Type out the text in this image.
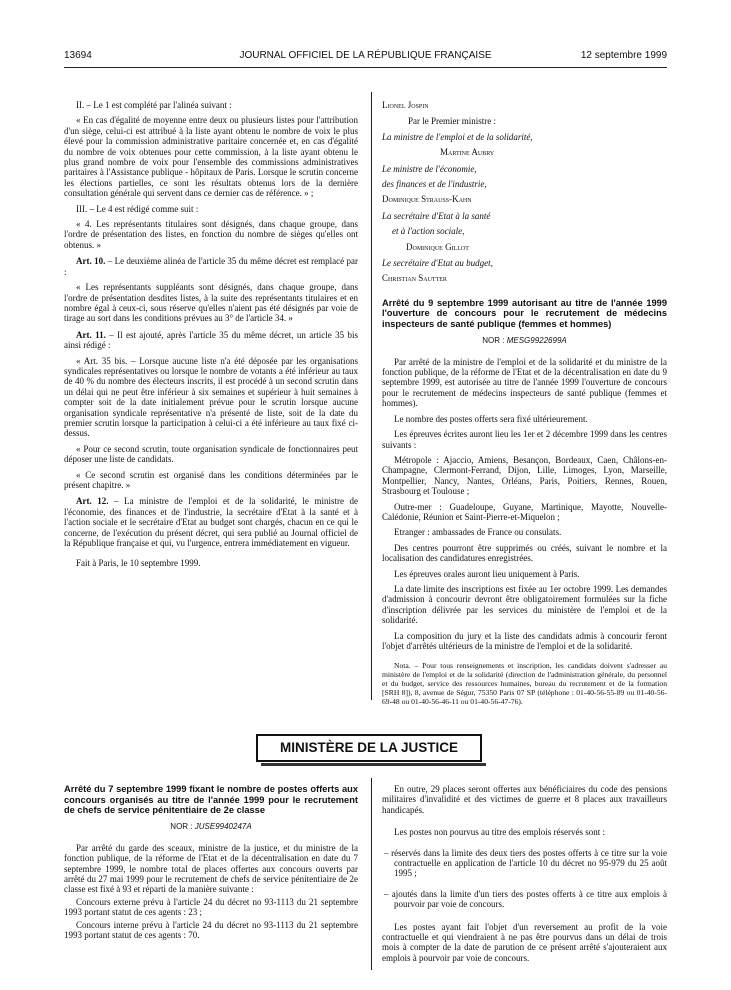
13694	JOURNAL OFFICIEL DE LA RÉPUBLIQUE FRANÇAISE	12 septembre 1999

II. – Le 1 est complété par l'alinéa suivant :

« En cas d'égalité de moyenne entre deux ou plusieurs listes pour l'attribution d'un siège, celui-ci est attribué à la liste ayant obtenu le nombre de voix le plus élevé pour la commission administrative paritaire concernée et, en cas d'égalité du nombre de voix obtenues pour cette commission, à la liste ayant obtenu le plus grand nombre de voix pour l'ensemble des commissions administratives paritaires à l'Assistance publique - hôpitaux de Paris. Lorsque le scrutin concerne les élections partielles, ce sont les résultats obtenus lors de la dernière consultation générale qui servent dans ce dernier cas de référence. » ;

III. – Le 4 est rédigé comme suit :

« 4. Les représentants titulaires sont désignés, dans chaque groupe, dans l'ordre de présentation des listes, en fonction du nombre de sièges qu'elles ont obtenus. »

Art. 10. – Le deuxième alinéa de l'article 35 du même décret est remplacé par :

« Les représentants suppléants sont désignés, dans chaque groupe, dans l'ordre de présentation desdites listes, à la suite des représentants titulaires et en nombre égal à ceux-ci, sous réserve qu'elles n'aient pas été désignés par voie de tirage au sort dans les conditions prévues au 3° de l'article 34. »

Art. 11. – Il est ajouté, après l'article 35 du même décret, un article 35 bis ainsi rédigé :

« Art. 35 bis. – Lorsque aucune liste n'a été déposée par les organisations syndicales représentatives ou lorsque le nombre de votants a été inférieur au taux de 40 % du nombre des électeurs inscrits, il est procédé à un second scrutin dans un délai qui ne peut être inférieur à six semaines et supérieur à huit semaines à compter soit de la date initialement prévue pour le scrutin lorsque aucune organisation syndicale représentative n'a présenté de liste, soit de la date du premier scrutin lorsque la participation à celui-ci a été inférieure au taux fixé ci-dessus.

« Pour ce second scrutin, toute organisation syndicale de fonctionnaires peut déposer une liste de candidats.

« Ce second scrutin est organisé dans les conditions déterminées par le présent chapitre. »

Art. 12. – La ministre de l'emploi et de la solidarité, le ministre de l'économie, des finances et de l'industrie, la secrétaire d'Etat à la santé et à l'action sociale et le secrétaire d'Etat au budget sont chargés, chacun en ce qui le concerne, de l'exécution du présent décret, qui sera publié au Journal officiel de la République française et qui, vu l'urgence, entrera immédiatement en vigueur.

Fait à Paris, le 10 septembre 1999.

Lionel Jospin

Par le Premier ministre :

La ministre de l'emploi et de la solidarité,

Martine Aubry

Le ministre de l'économie,

des finances et de l'industrie,

Dominique Strauss-Kahn

La secrétaire d'Etat à la santé

et à l'action sociale,

Dominique Gillot

Le secrétaire d'Etat au budget,

Christian Sautter

Arrêté du 9 septembre 1999 autorisant au titre de l'année 1999 l'ouverture de concours pour le recrutement de médecins inspecteurs de santé publique (femmes et hommes)
NOR : MESG9922699A

Par arrêté de la ministre de l'emploi et de la solidarité et du ministre de la fonction publique, de la réforme de l'Etat et de la décentralisation en date du 9 septembre 1999, est autorisée au titre de l'année 1999 l'ouverture de concours pour le recrutement de médecins inspecteurs de santé publique (femmes et hommes).

Le nombre des postes offerts sera fixé ultérieurement.

Les épreuves écrites auront lieu les 1er et 2 décembre 1999 dans les centres suivants :

Métropole : Ajaccio, Amiens, Besançon, Bordeaux, Caen, Châlons-en-Champagne, Clermont-Ferrand, Dijon, Lille, Limoges, Lyon, Marseille, Montpellier, Nancy, Nantes, Orléans, Paris, Poitiers, Rennes, Rouen, Strasbourg et Toulouse ;

Outre-mer : Guadeloupe, Guyane, Martinique, Mayotte, Nouvelle-Calédonie, Réunion et Saint-Pierre-et-Miquelon ;

Etranger : ambassades de France ou consulats.

Des centres pourront être supprimés ou créés, suivant le nombre et la localisation des candidatures enregistrées.

Les épreuves orales auront lieu uniquement à Paris.

La date limite des inscriptions est fixée au 1er octobre 1999. Les demandes d'admission à concourir devront être obligatoirement formulées sur la fiche d'inscription délivrée par les services du ministère de l'emploi et de la solidarité.

La composition du jury et la liste des candidats admis à concourir feront l'objet d'arrêtés ultérieurs de la ministre de l'emploi et de la solidarité.

Nota. – Pour tous renseignements et inscription, les candidats doivent s'adresser au ministère de l'emploi et de la solidarité (direction de l'administration générale, du personnel et du budget, service des ressources humaines, bureau du recrutement et de la formation [SRH 8]), 8, avenue de Ségur, 75350 Paris 07 SP (téléphone : 01-40-56-55-89 ou 01-40-56-69-48 ou 01-40-56-46-11 ou 01-40-56-47-76).

MINISTÈRE DE LA JUSTICE
Arrêté du 7 septembre 1999 fixant le nombre de postes offerts aux concours organisés au titre de l'année 1999 pour le recrutement de chefs de service pénitentiaire de 2e classe
NOR : JUSE9940247A

Par arrêté du garde des sceaux, ministre de la justice, et du ministre de la fonction publique, de la réforme de l'Etat et de la décentralisation en date du 7 septembre 1999, le nombre total de places offertes aux concours ouverts par arrêté du 27 mai 1999 pour le recrutement de chefs de service pénitentiaire de 2e classe est fixé à 93 et réparti de la manière suivante :

Concours externe prévu à l'article 24 du décret no 93-1113 du 21 septembre 1993 portant statut de ces agents : 23 ;

Concours interne prévu à l'article 24 du décret no 93-1113 du 21 septembre 1993 portant statut de ces agents : 70.

En outre, 29 places seront offertes aux bénéficiaires du code des pensions militaires d'invalidité et des victimes de guerre et 8 places aux travailleurs handicapés.

Les postes non pourvus au titre des emplois réservés sont :

– réservés dans la limite des deux tiers des postes offerts à ce titre sur la voie contractuelle en application de l'article 10 du décret no 95-979 du 25 août 1995 ;

– ajoutés dans la limite d'un tiers des postes offerts à ce titre aux emplois à pourvoir par voie de concours.

Les postes ayant fait l'objet d'un reversement au profit de la voie contractuelle et qui viendraient à ne pas être pourvus dans un délai de trois mois à compter de la date de parution de ce présent arrêté s'ajouteraient aux emplois à pourvoir par voie de concours.
